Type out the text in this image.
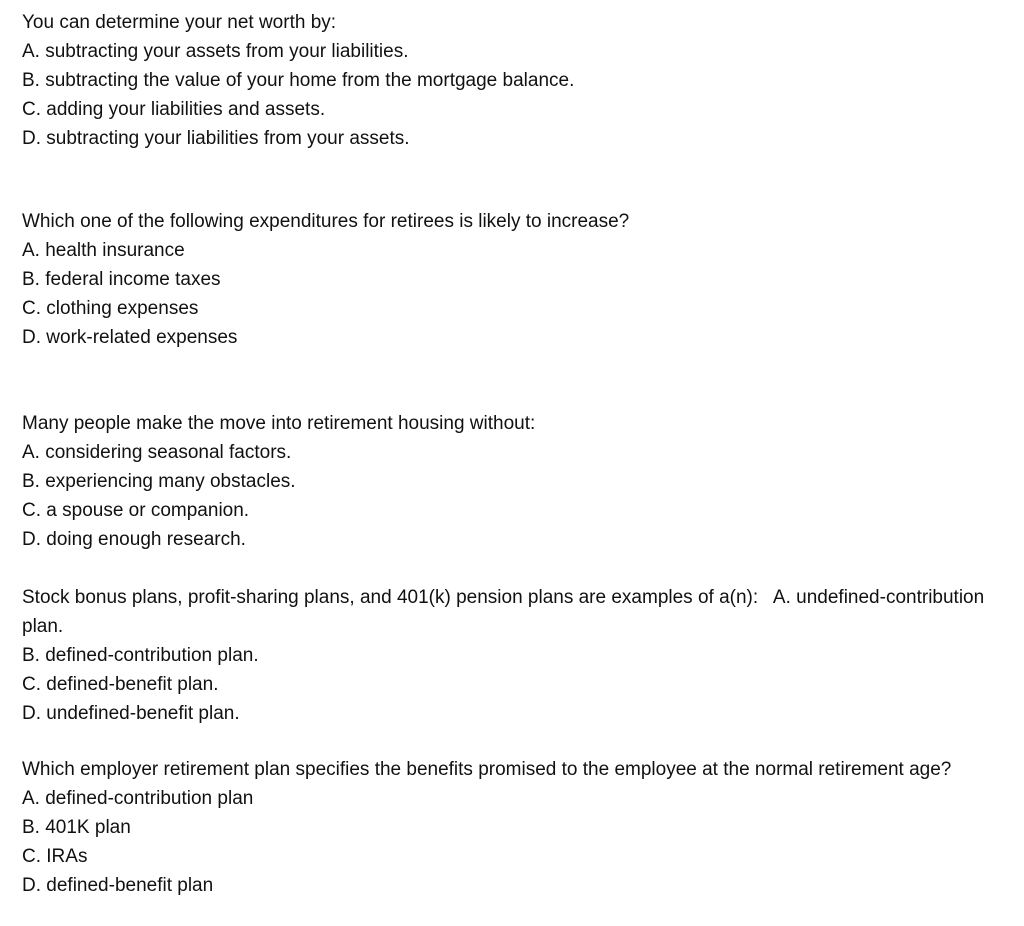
You can determine your net worth by:

A. subtracting your assets from your liabilities.
B. subtracting the value of your home from the mortgage balance.
C. adding your liabilities and assets.
D. subtracting your liabilities from your assets.

Which one of the following expenditures for retirees is likely to increase?

A. health insurance
B. federal income taxes
C. clothing expenses
D. work-related expenses

Many people make the move into retirement housing without:

A. considering seasonal factors.
B. experiencing many obstacles.
C. a spouse or companion.
D. doing enough research.

Stock bonus plans, profit-sharing plans, and 401(k) pension plans are examples of a(n):   A. undefined-contribution plan.

B. defined-contribution plan.
C. defined-benefit plan.
D. undefined-benefit plan.

Which employer retirement plan specifies the benefits promised to the employee at the normal retirement age?

A. defined-contribution plan
B. 401K plan
C. IRAs
D. defined-benefit plan
